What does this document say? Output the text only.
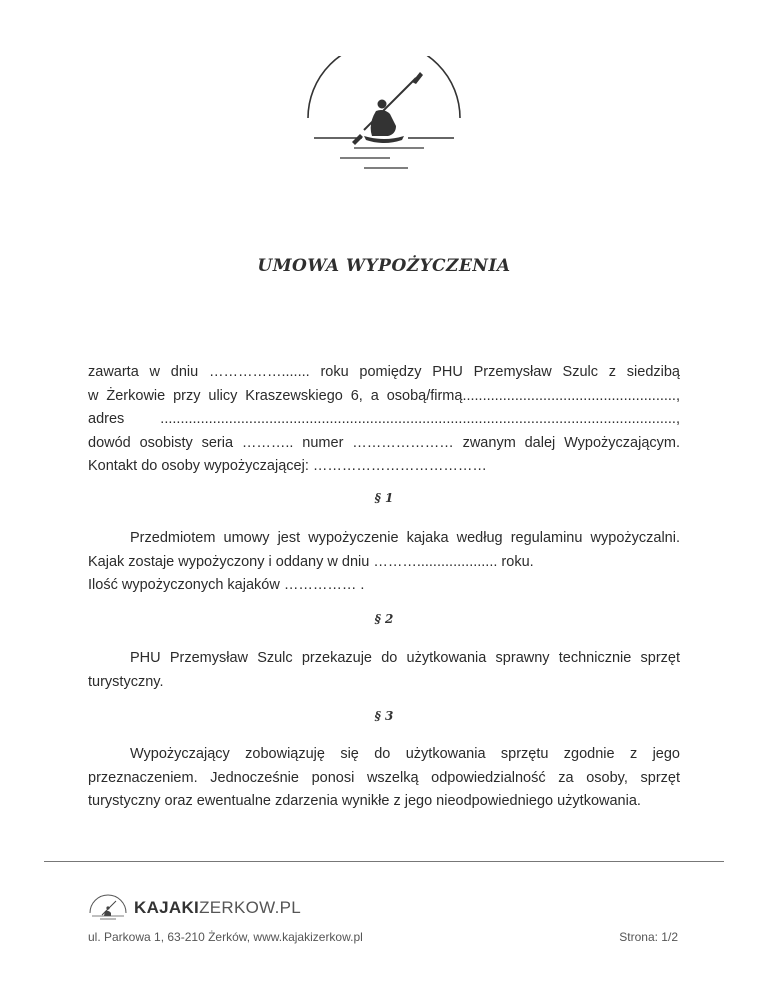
UMOWA WYPOŻYCZENIA

zawarta w dniu ……………....... roku pomiędzy PHU Przemysław Szulc z siedzibą

w Żerkowie przy ulicy Kraszewskiego 6, a osobą/firmą.....................................................,

adres ................................................................................................................................,

dowód osobisty seria ……….. numer ………………… zwanym dalej Wypożyczającym.

Kontakt do osoby wypożyczającej: ………………………………

§ 1

Przedmiotem umowy jest wypożyczenie kajaka według regulaminu wypożyczalni. Kajak zostaje wypożyczony i oddany w dniu ……….................... roku.

Ilość wypożyczonych kajaków …………… .

§ 2

PHU Przemysław Szulc przekazuje do użytkowania sprawny technicznie sprzęt turystyczny.

§ 3

Wypożyczający zobowiązuję się do użytkowania sprzętu zgodnie z jego przeznaczeniem. Jednocześnie ponosi wszelką odpowiedzialność za osoby, sprzęt turystyczny oraz ewentualne zdarzenia wynikłe z jego nieodpowiedniego użytkowania.

KAJAKIZERKOW.PL
ul. Parkowa 1, 63-210 Żerków, www.kajakizerkow.pl	Strona: 1/2
